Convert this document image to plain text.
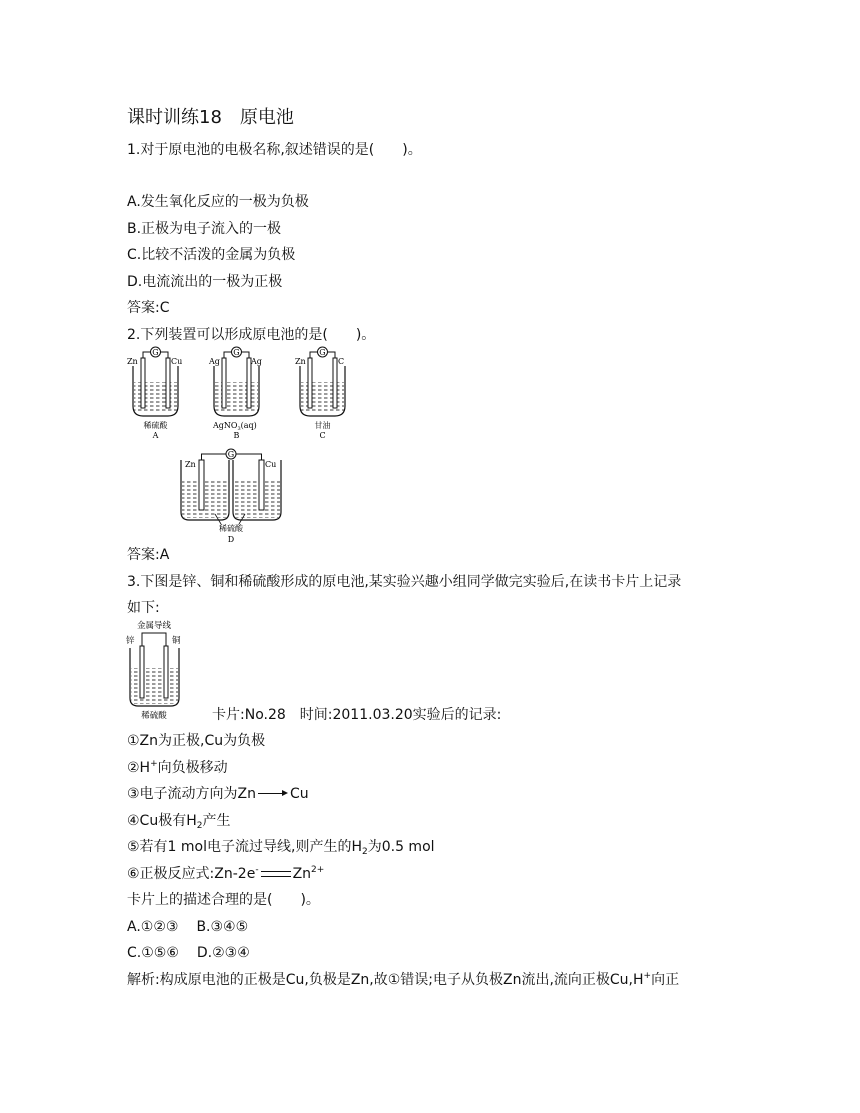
课时训练18　原电池
1.对于原电池的电极名称,叙述错误的是(　　)。
A.发生氧化反应的一极为负极
B.正极为电子流入的一极
C.比较不活泼的金属为负极
D.电流流出的一极为正极
答案:C
2.下列装置可以形成原电池的是(　　)。
G
Zn	Cu
稀硫酸
A
G
Ag	Ag
AgNO$_3$(aq)
B
G
Zn	C
甘油
C
G
Zn	Cu
稀硫酸
D
答案:A
3.下图是锌、铜和稀硫酸形成的原电池,某实验兴趣小组同学做完实验后,在读书卡片上记录
如下:
金属导线
锌	铜
稀硫酸	卡片:No.28　时间:2011.03.20实验后的记录:
①Zn为正极,Cu为负极
②H+向负极移动
③电子流动方向为Zn Cu
④Cu极有$H_2$产生
⑤若有1 mol电子流过导线,则产生的$H_2$为0.5 mol
⑥正极反应式:Zn-2e- $Zn^{2+}$
卡片上的描述合理的是(　　)。
A.①②③ B.③④⑤
C.①⑤⑥ D.②③④
解析:构成原电池的正极是Cu,负极是Zn,故①错误;电子从负极Zn流出,流向正极Cu,H+向正
